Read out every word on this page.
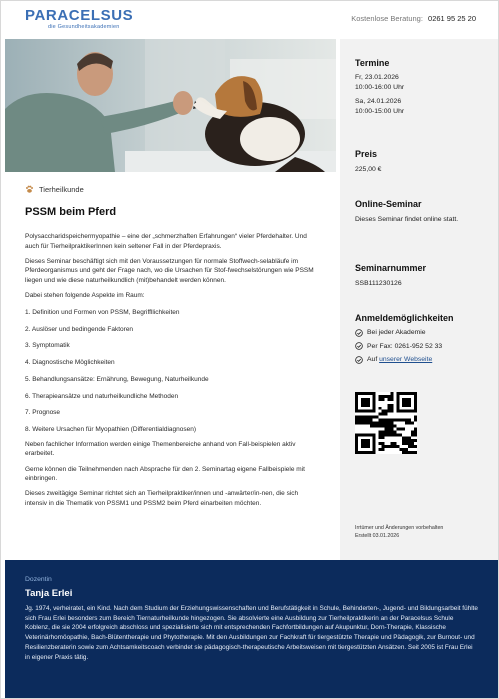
PARACELSUS
die Gesundheitsakademien
Kostenlose Beratung: 0261 95 25 20
Tierheilkunde
PSSM beim Pferd

Polysaccharidspeichermyopathie – eine der „schmerzhaften Erfahrungen“ vieler Pferdehalter. Und auch für TierheilpraktikerInnen kein seltener Fall in der Pferdepraxis.

Dieses Seminar beschäftigt sich mit den Voraussetzungen für normale Stoffwech-selabläufe im Pferdeorganismus und geht der Frage nach, wo die Ursachen für Stof-fwechselstörungen wie PSSM liegen und wie diese naturheilkundlich (mit)behandelt werden können.

Dabei stehen folgende Aspekte im Raum:

1. Definition und Formen von PSSM, Begriffllichkeiten
2. Auslöser und bedingende Faktoren
3. Symptomatik
4. Diagnostische Möglichkeiten
5. Behandlungsansätze: Ernährung, Bewegung, Naturheilkunde
6. Therapieansätze und naturheilkundliche Methoden
7. Prognose
8. Weitere Ursachen für Myopathien (Differentialdiagnosen)

Neben fachlicher Information werden einige Themenbereiche anhand von Fall-beispielen aktiv erarbeitet.

Gerne können die Teilnehmenden nach Absprache für den 2. Seminartag eigene Fallbeispiele mit einbringen.

Dieses zweitägige Seminar richtet sich an Tierheilpraktiker/innen und -anwärter/in-nen, die sich intensiv in die Thematik von PSSM1 und PSSM2 beim Pferd einarbeiten möchten.

Termine
Fr, 23.01.2026
10:00-16:00 Uhr
Sa, 24.01.2026
10:00-15:00 Uhr
Preis
225,00 €
Online-Seminar
Dieses Seminar findet online statt.
Seminarnummer
SSB111230126
Anmeldemöglichkeiten
Bei jeder Akademie
Per Fax: 0261-952 52 33
Auf
unserer Webseite
Irrtümer und Änderungen vorbehalten
Erstellt 03.01.2026
Dozentin
Tanja Erlei
Jg. 1974, verheiratet, ein Kind. Nach dem Studium der Erziehungswissenschaften und Berufstätigkeit in Schule, Behinderten-, Jugend- und Bildungsarbeit fühlte sich Frau Erlei besonders zum Bereich Tiernaturheilkunde hingezogen. Sie absolvierte eine Ausbildung zur Tierheilpraktikerin an der Paracelsus Schule Koblenz, die sie 2004 erfolgreich abschloss und spezialisierte sich mit entsprechenden Fachfortbildungen auf Akupunktur, Dorn-Therapie, Klassische Veterinärhomöopathie, Bach-Blütentherapie und Phytotherapie. Mit den Ausbildungen zur Fachkraft für tiergestützte Therapie und Pädagogik, zur Burnout- und Resilienzberaterin sowie zum Achtsamkeitscoach verbindet sie pädagogisch-therapeutische Arbeitsweisen mit tiergestützten Ansätzen. Seit 2005 ist Frau Erlei in eigener Praxis tätig.
